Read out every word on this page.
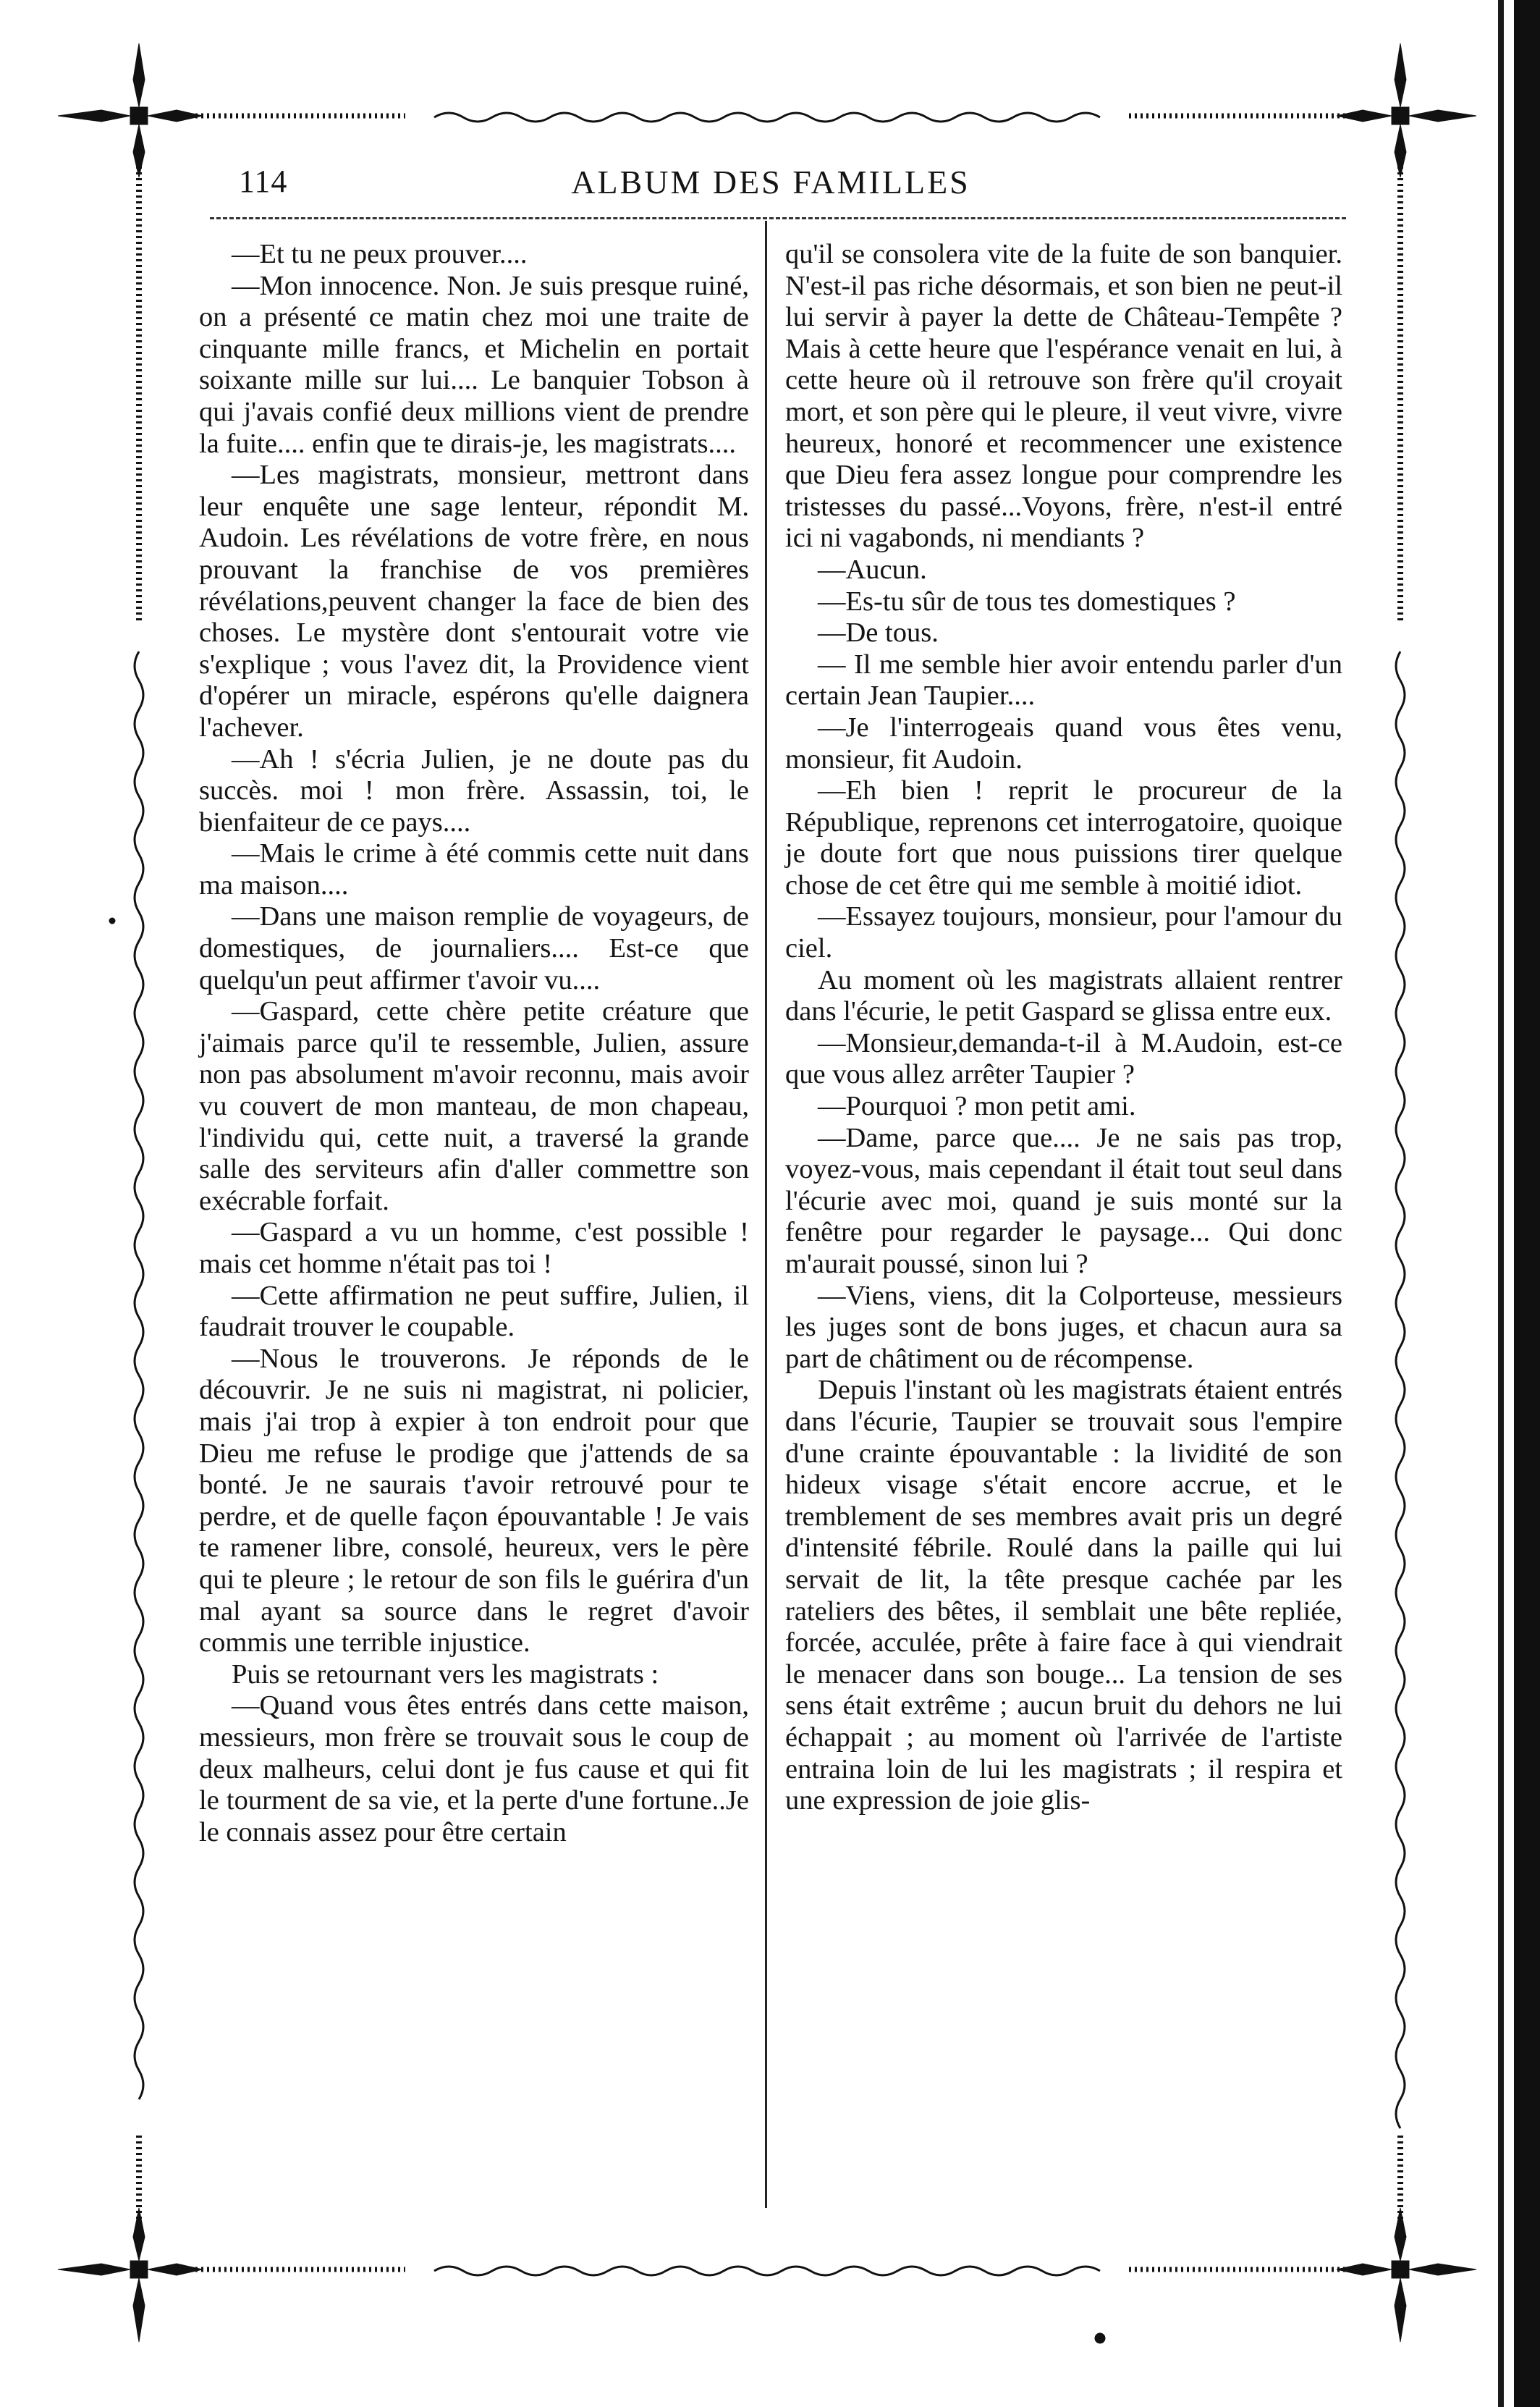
114	ALBUM DES FAMILLES

—Et tu ne peux prouver....

—Mon innocence. Non. Je suis presque ruiné, on a présenté ce matin chez moi une traite de cinquante mille francs, et Michelin en portait soixante mille sur lui.... Le banquier Tobson à qui j'avais confié deux millions vient de prendre la fuite.... enfin que te dirais-je, les magistrats....

—Les magistrats, monsieur, mettront dans leur enquête une sage lenteur, répondit M. Audoin. Les révélations de votre frère, en nous prouvant la franchise de vos premières révélations,peuvent changer la face de bien des choses. Le mystère dont s'entourait votre vie s'explique ; vous l'avez dit, la Providence vient d'opérer un miracle, espérons qu'elle daignera l'achever.

—Ah ! s'écria Julien, je ne doute pas du succès. moi ! mon frère. Assassin, toi, le bienfaiteur de ce pays....

—Mais le crime à été commis cette nuit dans ma maison....

—Dans une maison remplie de voyageurs, de domestiques, de journaliers.... Est-ce que quelqu'un peut affirmer t'avoir vu....

—Gaspard, cette chère petite créature que j'aimais parce qu'il te ressemble, Julien, assure non pas absolument m'avoir reconnu, mais avoir vu couvert de mon manteau, de mon chapeau, l'individu qui, cette nuit, a traversé la grande salle des serviteurs afin d'aller commettre son exécrable forfait.

—Gaspard a vu un homme, c'est possible ! mais cet homme n'était pas toi !

—Cette affirmation ne peut suffire, Julien, il faudrait trouver le coupable.

—Nous le trouverons. Je réponds de le découvrir. Je ne suis ni magistrat, ni policier, mais j'ai trop à expier à ton endroit pour que Dieu me refuse le prodige que j'attends de sa bonté. Je ne saurais t'avoir retrouvé pour te perdre, et de quelle façon épouvantable ! Je vais te ramener libre, consolé, heureux, vers le père qui te pleure ; le retour de son fils le guérira d'un mal ayant sa source dans le regret d'avoir commis une terrible injustice.

Puis se retournant vers les magistrats :

—Quand vous êtes entrés dans cette maison, messieurs, mon frère se trouvait sous le coup de deux malheurs, celui dont je fus cause et qui fit le tourment de sa vie, et la perte d'une fortune..Je le connais assez pour être certain

qu'il se consolera vite de la fuite de son banquier. N'est-il pas riche désormais, et son bien ne peut-il lui servir à payer la dette de Château-Tempête ? Mais à cette heure que l'espérance venait en lui, à cette heure où il retrouve son frère qu'il croyait mort, et son père qui le pleure, il veut vivre, vivre heureux, honoré et recommencer une existence que Dieu fera assez longue pour comprendre les tristesses du passé...Voyons, frère, n'est-il entré ici ni vagabonds, ni mendiants ?

—Aucun.

—Es-tu sûr de tous tes domestiques ?

—De tous.

— Il me semble hier avoir entendu parler d'un certain Jean Taupier....

—Je l'interrogeais quand vous êtes venu, monsieur, fit Audoin.

—Eh bien ! reprit le procureur de la République, reprenons cet interrogatoire, quoique je doute fort que nous puissions tirer quelque chose de cet être qui me semble à moitié idiot.

—Essayez toujours, monsieur, pour l'amour du ciel.

Au moment où les magistrats allaient rentrer dans l'écurie, le petit Gaspard se glissa entre eux.

—Monsieur,demanda-t-il à M.Audoin, est-ce que vous allez arrêter Taupier ?

—Pourquoi ? mon petit ami.

—Dame, parce que.... Je ne sais pas trop, voyez-vous, mais cependant il était tout seul dans l'écurie avec moi, quand je suis monté sur la fenêtre pour regarder le paysage... Qui donc m'aurait poussé, sinon lui ?

—Viens, viens, dit la Colporteuse, messieurs les juges sont de bons juges, et chacun aura sa part de châtiment ou de récompense.

Depuis l'instant où les magistrats étaient entrés dans l'écurie, Taupier se trouvait sous l'empire d'une crainte épouvantable : la lividité de son hideux visage s'était encore accrue, et le tremblement de ses membres avait pris un degré d'intensité fébrile. Roulé dans la paille qui lui servait de lit, la tête presque cachée par les rateliers des bêtes, il semblait une bête repliée, forcée, acculée, prête à faire face à qui viendrait le menacer dans son bouge... La tension de ses sens était extrême ; aucun bruit du dehors ne lui échappait ; au moment où l'arrivée de l'artiste entraina loin de lui les magistrats ; il respira et une expression de joie glis-
